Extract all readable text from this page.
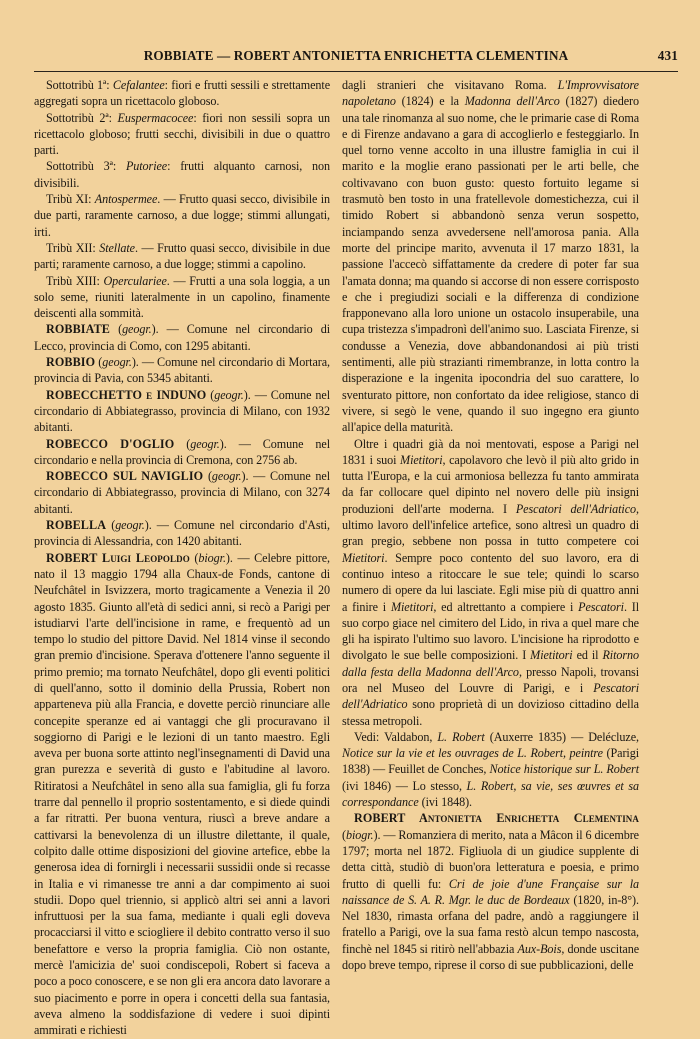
ROBBIATE — ROBERT ANTONIETTA ENRICHETTA CLEMENTINA	431

Sottotribù 1ª: Cefalantee: fiori e frutti sessili e strettamente aggregati sopra un ricettacolo globoso.

Sottotribù 2ª: Euspermacocee: fiori non sessili sopra un ricettacolo globoso; frutti secchi, divisibili in due o quattro parti.

Sottotribù 3ª: Putoriee: frutti alquanto carnosi, non divisibili.

Tribù XI: Antospermee. — Frutto quasi secco, divisibile in due parti, raramente carnoso, a due logge; stimmi allungati, irti.

Tribù XII: Stellate. — Frutto quasi secco, divisibile in due parti; raramente carnoso, a due logge; stimmi a capolino.

Tribù XIII: Operculariee. — Frutti a una sola loggia, a un solo seme, riuniti lateralmente in un capolino, finamente deiscenti alla sommità.

ROBBIATE (geogr.). — Comune nel circondario di Lecco, provincia di Como, con 1295 abitanti.

ROBBIO (geogr.). — Comune nel circondario di Mortara, provincia di Pavia, con 5345 abitanti.

ROBECCHETTO e INDUNO (geogr.). — Comune nel circondario di Abbiategrasso, provincia di Milano, con 1932 abitanti.

ROBECCO D'OGLIO (geogr.). — Comune nel circondario e nella provincia di Cremona, con 2756 ab.

ROBECCO SUL NAVIGLIO (geogr.). — Comune nel circondario di Abbiategrasso, provincia di Milano, con 3274 abitanti.

ROBELLA (geogr.). — Comune nel circondario d'Asti, provincia di Alessandria, con 1420 abitanti.

ROBERT Luigi Leopoldo (biogr.). — Celebre pittore, nato il 13 maggio 1794 alla Chaux-de Fonds, cantone di Neufchâtel in Isvizzera, morto tragicamente a Venezia il 20 agosto 1835. Giunto all'età di sedici anni, si recò a Parigi per istudiarvi l'arte dell'incisione in rame, e frequentò ad un tempo lo studio del pittore David. Nel 1814 vinse il secondo gran premio d'incisione. Sperava d'ottenere l'anno seguente il primo premio; ma tornato Neufchâtel, dopo gli eventi politici di quell'anno, sotto il dominio della Prussia, Robert non apparteneva più alla Francia, e dovette perciò rinunciare alle concepite speranze ed ai vantaggi che gli procuravano il soggiorno di Parigi e le lezioni di un tanto maestro. Egli aveva per buona sorte attinto negl'insegnamenti di David una gran purezza e severità di gusto e l'abitudine al lavoro. Ritiratosi a Neufchâtel in seno alla sua famiglia, gli fu forza trarre dal pennello il proprio sostentamento, e si diede quindi a far ritratti. Per buona ventura, riuscì a breve andare a cattivarsi la benevolenza di un illustre dilettante, il quale, colpito dalle ottime disposizioni del giovine artefice, ebbe la generosa idea di fornirgli i necessarii sussidii onde si recasse in Italia e vi rimanesse tre anni a dar compimento ai suoi studii. Dopo quel triennio, si applicò altri sei anni a lavori infruttuosi per la sua fama, mediante i quali egli doveva procacciarsi il vitto e sciogliere il debito contratto verso il suo benefattore e verso la propria famiglia. Ciò non ostante, mercè l'amicizia de' suoi condiscepoli, Robert si faceva a poco a poco conoscere, e se non gli era ancora dato lavorare a suo piacimento e porre in opera i concetti della sua fantasia, aveva almeno la soddisfazione di vedere i suoi dipinti ammirati e richiesti

dagli stranieri che visitavano Roma. L'Improvvisatore napoletano (1824) e la Madonna dell'Arco (1827) diedero una tale rinomanza al suo nome, che le primarie case di Roma e di Firenze andavano a gara di accoglierlo e festeggiarlo. In quel torno venne accolto in una illustre famiglia in cui il marito e la moglie erano passionati per le arti belle, che coltivavano con buon gusto: questo fortuito legame si trasmutò ben tosto in una fratellevole domestichezza, cui il timido Robert si abbandonò senza verun sospetto, inciampando senza avvedersene nell'amorosa pania. Alla morte del principe marito, avvenuta il 17 marzo 1831, la passione l'accecò siffattamente da credere di poter far sua l'amata donna; ma quando si accorse di non essere corrisposto e che i pregiudizi sociali e la differenza di condizione frapponevano alla loro unione un ostacolo insuperabile, una cupa tristezza s'impadronì dell'animo suo. Lasciata Firenze, si condusse a Venezia, dove abbandonandosi ai più tristi sentimenti, alle più strazianti rimembranze, in lotta contro la disperazione e la ingenita ipocondria del suo carattere, lo sventurato pittore, non confortato da idee religiose, stanco di vivere, si segò le vene, quando il suo ingegno era giunto all'apice della maturità.

Oltre i quadri già da noi mentovati, espose a Parigi nel 1831 i suoi Mietitori, capolavoro che levò il più alto grido in tutta l'Europa, e la cui armoniosa bellezza fu tanto ammirata da far collocare quel dipinto nel novero delle più insigni produzioni dell'arte moderna. I Pescatori dell'Adriatico, ultimo lavoro dell'infelice artefice, sono altresì un quadro di gran pregio, sebbene non possa in tutto competere coi Mietitori. Sempre poco contento del suo lavoro, era di continuo inteso a ritoccare le sue tele; quindi lo scarso numero di opere da lui lasciate. Egli mise più di quattro anni a finire i Mietitori, ed altrettanto a compiere i Pescatori. Il suo corpo giace nel cimitero del Lido, in riva a quel mare che gli ha ispirato l'ultimo suo lavoro. L'incisione ha riprodotto e divolgato le sue belle composizioni. I Mietitori ed il Ritorno dalla festa della Madonna dell'Arco, presso Napoli, trovansi ora nel Museo del Louvre di Parigi, e i Pescatori dell'Adriatico sono proprietà di un dovizioso cittadino della stessa metropoli.

Vedi: Valdabon, L. Robert (Auxerre 1835) — Delécluze, Notice sur la vie et les ouvrages de L. Robert, peintre (Parigi 1838) — Feuillet de Conches, Notice historique sur L. Robert (ivi 1846) — Lo stesso, L. Robert, sa vie, ses œuvres et sa correspondance (ivi 1848).

ROBERT Antonietta Enrichetta Clementina (biogr.). — Romanziera di merito, nata a Mâcon il 6 dicembre 1797; morta nel 1872. Figliuola di un giudice supplente di detta città, studiò di buon'ora letteratura e poesia, e primo frutto di quelli fu: Cri de joie d'une Française sur la naissance de S. A. R. Mgr. le duc de Bordeaux (1820, in-8°). Nel 1830, rimasta orfana del padre, andò a raggiungere il fratello a Parigi, ove la sua fama restò alcun tempo nascosta, finchè nel 1845 si ritirò nell'abbazia Aux-Bois, donde uscitane dopo breve tempo, riprese il corso di sue pubblicazioni, delle
